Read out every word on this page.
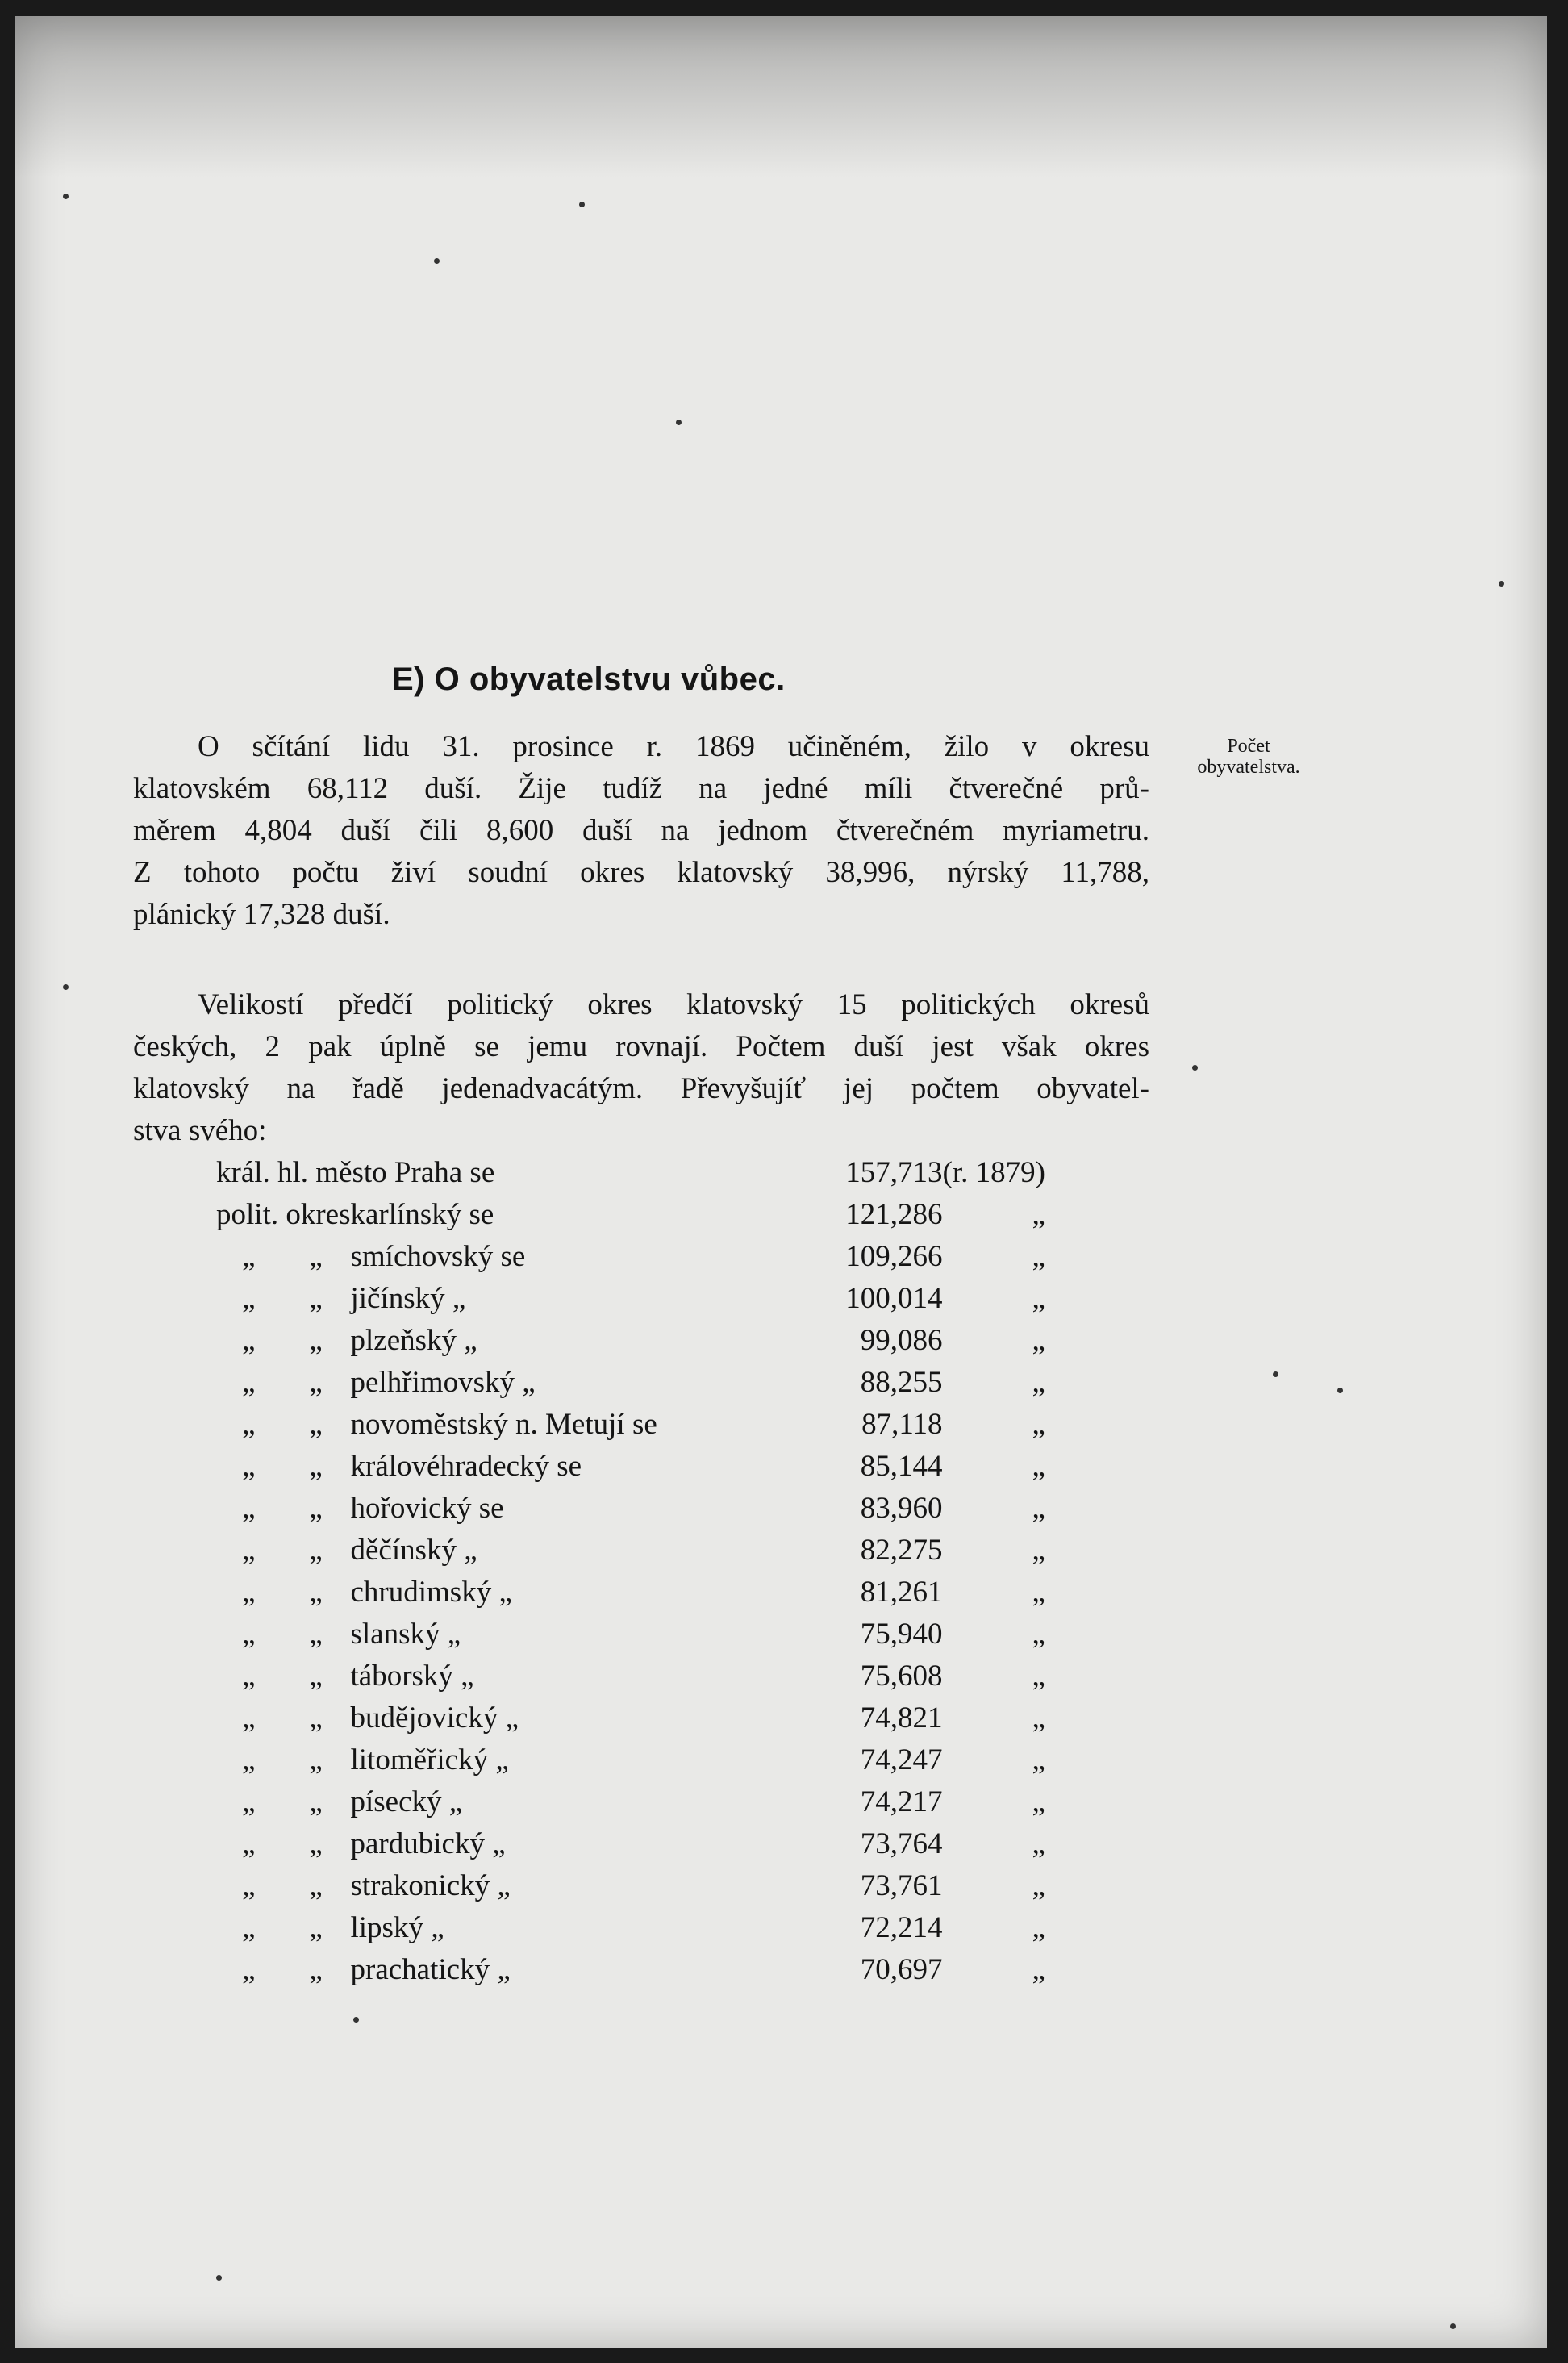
E) O obyvatelstvu vůbec.
Počet
obyvatelstva.
O sčítání lidu 31. prosince r. 1869 učiněném, žilo v okresu
klatovském 68,112 duší. Žije tudíž na jedné míli čtverečné prů-
měrem 4,804 duší čili 8,600 duší na jednom čtverečném myriametru.
Z tohoto počtu živí soudní okres klatovský 38,996, nýrský 11,788,
plánický 17,328 duší.
Velikostí předčí politický okres klatovský 15 politických okresů
českých, 2 pak úplně se jemu rovnají. Počtem duší jest však okres
klatovský na řadě jedenadvacátým. Převyšujíť jej počtem obyvatel-
stva svého:
král. hl. město Praha se			157,713	(r. 1879)
polit. okres		karlínský se	121,286	„
„	„	smíchovský se	109,266	„
„	„	jičínský „	100,014	„
„	„	plzeňský „	99,086	„
„	„	pelhřimovský „	88,255	„
„	„	novoměstský n. Metují se	87,118	„
„	„	královéhradecký se	85,144	„
„	„	hořovický se	83,960	„
„	„	děčínský „	82,275	„
„	„	chrudimský „	81,261	„
„	„	slanský „	75,940	„
„	„	táborský „	75,608	„
„	„	budějovický „	74,821	„
„	„	litoměřický „	74,247	„
„	„	písecký „	74,217	„
„	„	pardubický „	73,764	„
„	„	strakonický „	73,761	„
„	„	lipský „	72,214	„
„	„	prachatický „	70,697	„
